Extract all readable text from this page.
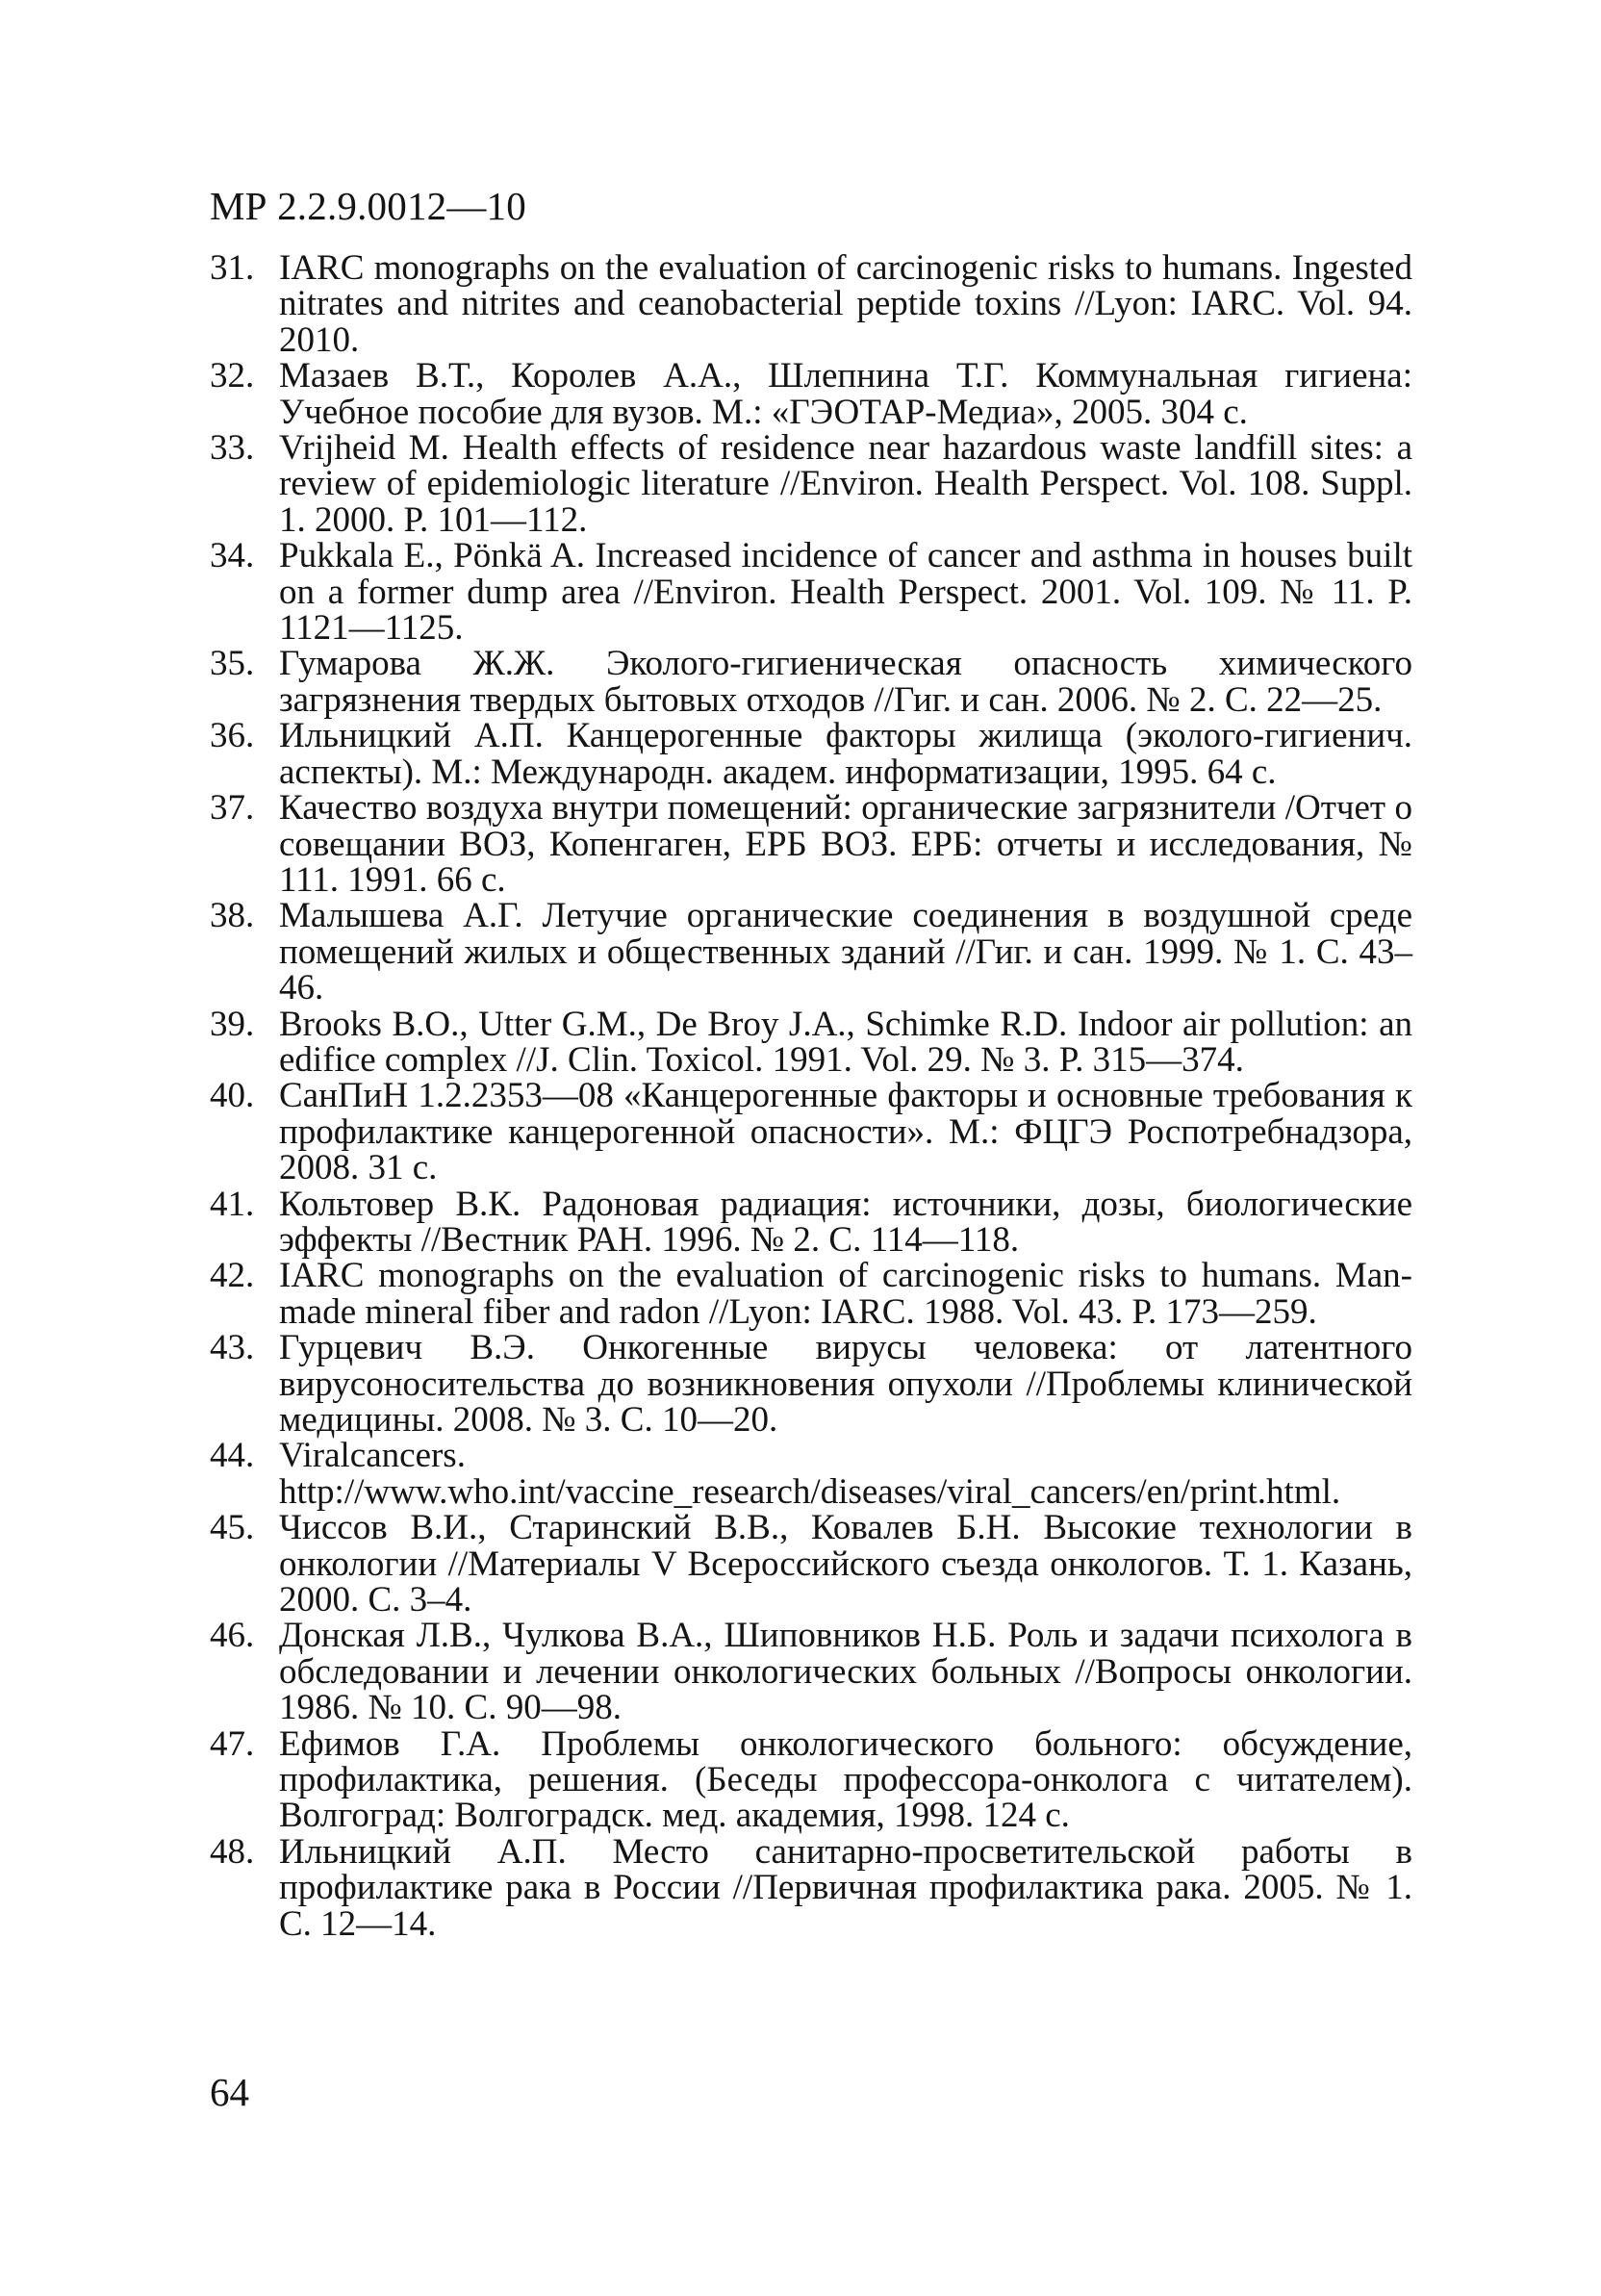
МР 2.2.9.0012—10
31. IARC monographs on the evaluation of carcinogenic risks to humans. Ingested nitrates and nitrites and ceanobacterial peptide toxins //Lyon: IARC. Vol. 94. 2010.
32. Мазаев В.Т., Королев А.А., Шлепнина Т.Г. Коммунальная гигиена: Учебное пособие для вузов. М.: «ГЭОТАР-Медиа», 2005. 304 с.
33. Vrijheid M. Health effects of residence near hazardous waste landfill sites: a review of epidemiologic literature //Environ. Health Perspect. Vol. 108. Suppl. 1. 2000. P. 101—112.
34. Pukkala E., Pönkä A. Increased incidence of cancer and asthma in houses built on a former dump area //Environ. Health Perspect. 2001. Vol. 109. № 11. P. 1121—1125.
35. Гумарова Ж.Ж. Эколого-гигиеническая опасность химического загрязнения твердых бытовых отходов //Гиг. и сан. 2006. № 2. С. 22—25.
36. Ильницкий А.П. Канцерогенные факторы жилища (эколого-гигиенич. аспекты). М.: Международн. академ. информатизации, 1995. 64 с.
37. Качество воздуха внутри помещений: органические загрязнители /Отчет о совещании ВОЗ, Копенгаген, ЕРБ ВОЗ. ЕРБ: отчеты и исследования, № 111. 1991. 66 с.
38. Малышева А.Г. Летучие органические соединения в воздушной среде помещений жилых и общественных зданий //Гиг. и сан. 1999. № 1. С. 43–46.
39. Brooks B.O., Utter G.M., De Broy J.A., Schimke R.D. Indoor air pollution: an edifice complex //J. Clin. Toxicol. 1991. Vol. 29. № 3. P. 315—374.
40. СанПиН 1.2.2353—08 «Канцерогенные факторы и основные требования к профилактике канцерогенной опасности». М.: ФЦГЭ Роспотребнадзора, 2008. 31 с.
41. Кольтовер В.К. Радоновая радиация: источники, дозы, биологические эффекты //Вестник РАН. 1996. № 2. С. 114—118.
42. IARC monographs on the evaluation of carcinogenic risks to humans. Man-made mineral fiber and radon //Lyon: IARC. 1988. Vol. 43. P. 173—259.
43. Гурцевич В.Э. Онкогенные вирусы человека: от латентного вирусоносительства до возникновения опухоли //Проблемы клинической медицины. 2008. № 3. С. 10—20.
44. Viralcancers. http://www.who.int/vaccine_research/diseases/viral_cancers/en/print.html.
45. Чиссов В.И., Старинский В.В., Ковалев Б.Н. Высокие технологии в онкологии //Материалы V Всероссийского съезда онкологов. Т. 1. Казань, 2000. С. 3–4.
46. Донская Л.В., Чулкова В.А., Шиповников Н.Б. Роль и задачи психолога в обследовании и лечении онкологических больных //Вопросы онкологии. 1986. № 10. С. 90—98.
47. Ефимов Г.А. Проблемы онкологического больного: обсуждение, профилактика, решения. (Беседы профессора-онколога с читателем). Волгоград: Волгоградск. мед. академия, 1998. 124 с.
48. Ильницкий А.П. Место санитарно-просветительской работы в профилактике рака в России //Первичная профилактика рака. 2005. № 1. С. 12—14.
64
